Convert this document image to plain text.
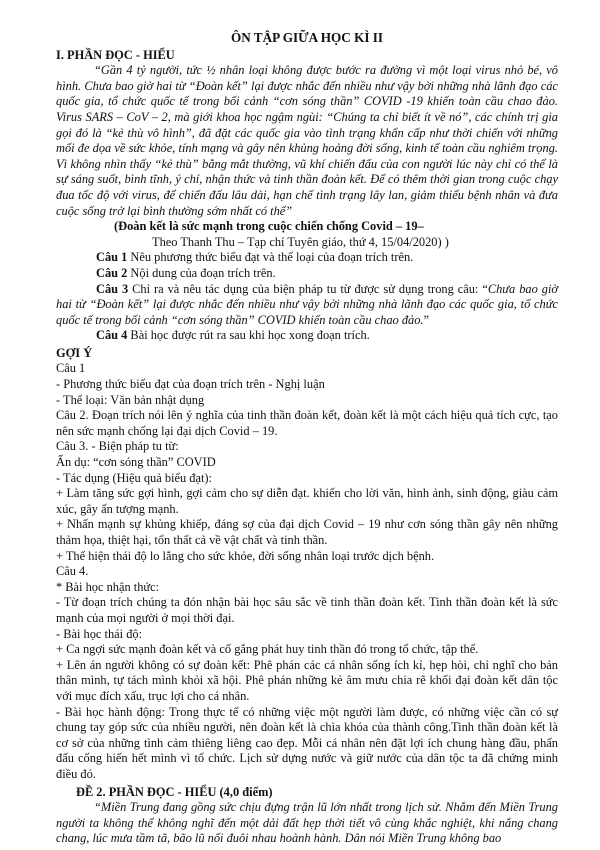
ÔN TẬP GIỮA HỌC KÌ II

I. PHẦN ĐỌC - HIỂU

“Gần 4 tỷ người, tức ½ nhân loại không được bước ra đường vì một loại virus nhỏ bé, vô hình. Chưa bao giờ hai từ “Đoàn kết” lại được nhắc đến nhiều như vậy bởi những nhà lãnh đạo các quốc gia, tổ chức quốc tế trong bối cảnh “cơn sóng thần” COVID -19 khiến toàn cầu chao đảo. Virus SARS – CoV – 2, mà giới khoa học ngậm ngùi: “Chúng ta chỉ biết ít về nó”, các chính trị gia gọi đó là “kẻ thù vô hình”, đã đặt các quốc gia vào tình trạng khẩn cấp như thời chiến với những mối đe dọa về sức khỏe, tính mạng và gây nên khủng hoảng đời sống, kinh tế toàn cầu nghiêm trọng. Vì không nhìn thấy “kẻ thù” bằng mắt thường, vũ khí chiến đấu của con người lúc này chỉ có thể là sự sáng suốt, bình tĩnh, ý chí, nhận thức và tinh thần đoàn kết. Để có thêm thời gian trong cuộc chạy đua tốc độ với virus, để chiến đấu lâu dài, hạn chế tình trạng lây lan, giảm thiểu bệnh nhân và đưa cuộc sống trở lại bình thường sớm nhất có thể”

(Đoàn kết là sức mạnh trong cuộc chiến chống Covid – 19–

Theo Thanh Thu – Tạp chí Tuyên giáo, thứ 4, 15/04/2020) )

Câu 1 Nêu phương thức biểu đạt và thể loại của đoạn trích trên.

Câu 2 Nội dung của đoạn trích trên.

Câu 3 Chỉ ra và nêu tác dụng của biện pháp tu từ được sử dụng trong câu: “Chưa bao giờ hai từ “Đoàn kết” lại được nhắc đến nhiều như vậy bởi những nhà lãnh đạo các quốc gia, tổ chức quốc tế trong bối cảnh “cơn sóng thần” COVID khiến toàn cầu chao đảo.”

Câu 4 Bài học được rút ra sau khi học xong đoạn trích.

GỢI Ý

Câu 1

- Phương thức biểu đạt của đoạn trích trên - Nghị luận

- Thể loại: Văn bản nhật dụng

Câu 2. Đoạn trích nói lên ý nghĩa của tinh thần đoàn kết, đoàn kết là một cách hiệu quả tích cực, tạo nên sức mạnh chống lại đại dịch Covid – 19.

Câu 3. - Biện pháp tu từ:

Ẩn dụ: “cơn sóng thần” COVID

- Tác dụng (Hiệu quả biểu đạt):

+ Làm tăng sức gợi hình, gợi cảm cho sự diễn đạt. khiến cho lời văn, hình ảnh, sinh động, giàu cảm xúc, gây ấn tượng mạnh.

+ Nhấn mạnh sự khủng khiếp, đáng sợ của đại dịch Covid – 19 như cơn sóng thần gây nên những thảm họa, thiệt hại, tổn thất cả về vật chất và tinh thần.

+ Thể hiện thái độ lo lắng cho sức khỏe, đời sống nhân loại trước dịch bệnh.

Câu 4.

* Bài học nhận thức:

- Từ đoạn trích chúng ta đón nhận bài học sâu sắc về tinh thần đoàn kết. Tinh thần đoàn kết là sức mạnh của mọi người ở mọi thời đại.

- Bài học thái độ:

+ Ca ngợi sức mạnh đoàn kết và cố gắng phát huy tinh thần đó trong tổ chức, tập thể.

+ Lên án người không có sự đoàn kết: Phê phán các cá nhân sống ích kỉ, hẹp hòi, chỉ nghĩ cho bản thân mình, tự tách mình khỏi xã hội. Phê phán những kẻ âm mưu chia rẽ khối đại đoàn kết dân tộc với mục đích xấu, trục lợi cho cá nhân.

- Bài học hành động: Trong thực tế có những việc một người làm được, có những việc cần có sự chung tay góp sức của nhiều người, nên đoàn kết là chìa khóa của thành công.Tinh thần đoàn kết là cơ sở của những tình cảm thiêng liêng cao đẹp. Mỗi cá nhân nên đặt lợi ích chung hàng đầu, phấn đấu cống hiến hết mình vì tổ chức. Lịch sử dựng nước và giữ nước của dân tộc ta đã chứng minh điều đó.

ĐỀ 2. PHẦN ĐỌC - HIỂU (4,0 điểm)

“Miền Trung đang gồng sức chịu đựng trận lũ lớn nhất trong lịch sử. Nhắm đến Miền Trung người ta không thể không nghĩ đến một dải đất hẹp thời tiết vô cùng khắc nghiệt, khi nắng chang chang, lúc mưa tầm tã, bão lũ nối đuôi nhau hoành hành. Dân nói Miền Trung không bao
